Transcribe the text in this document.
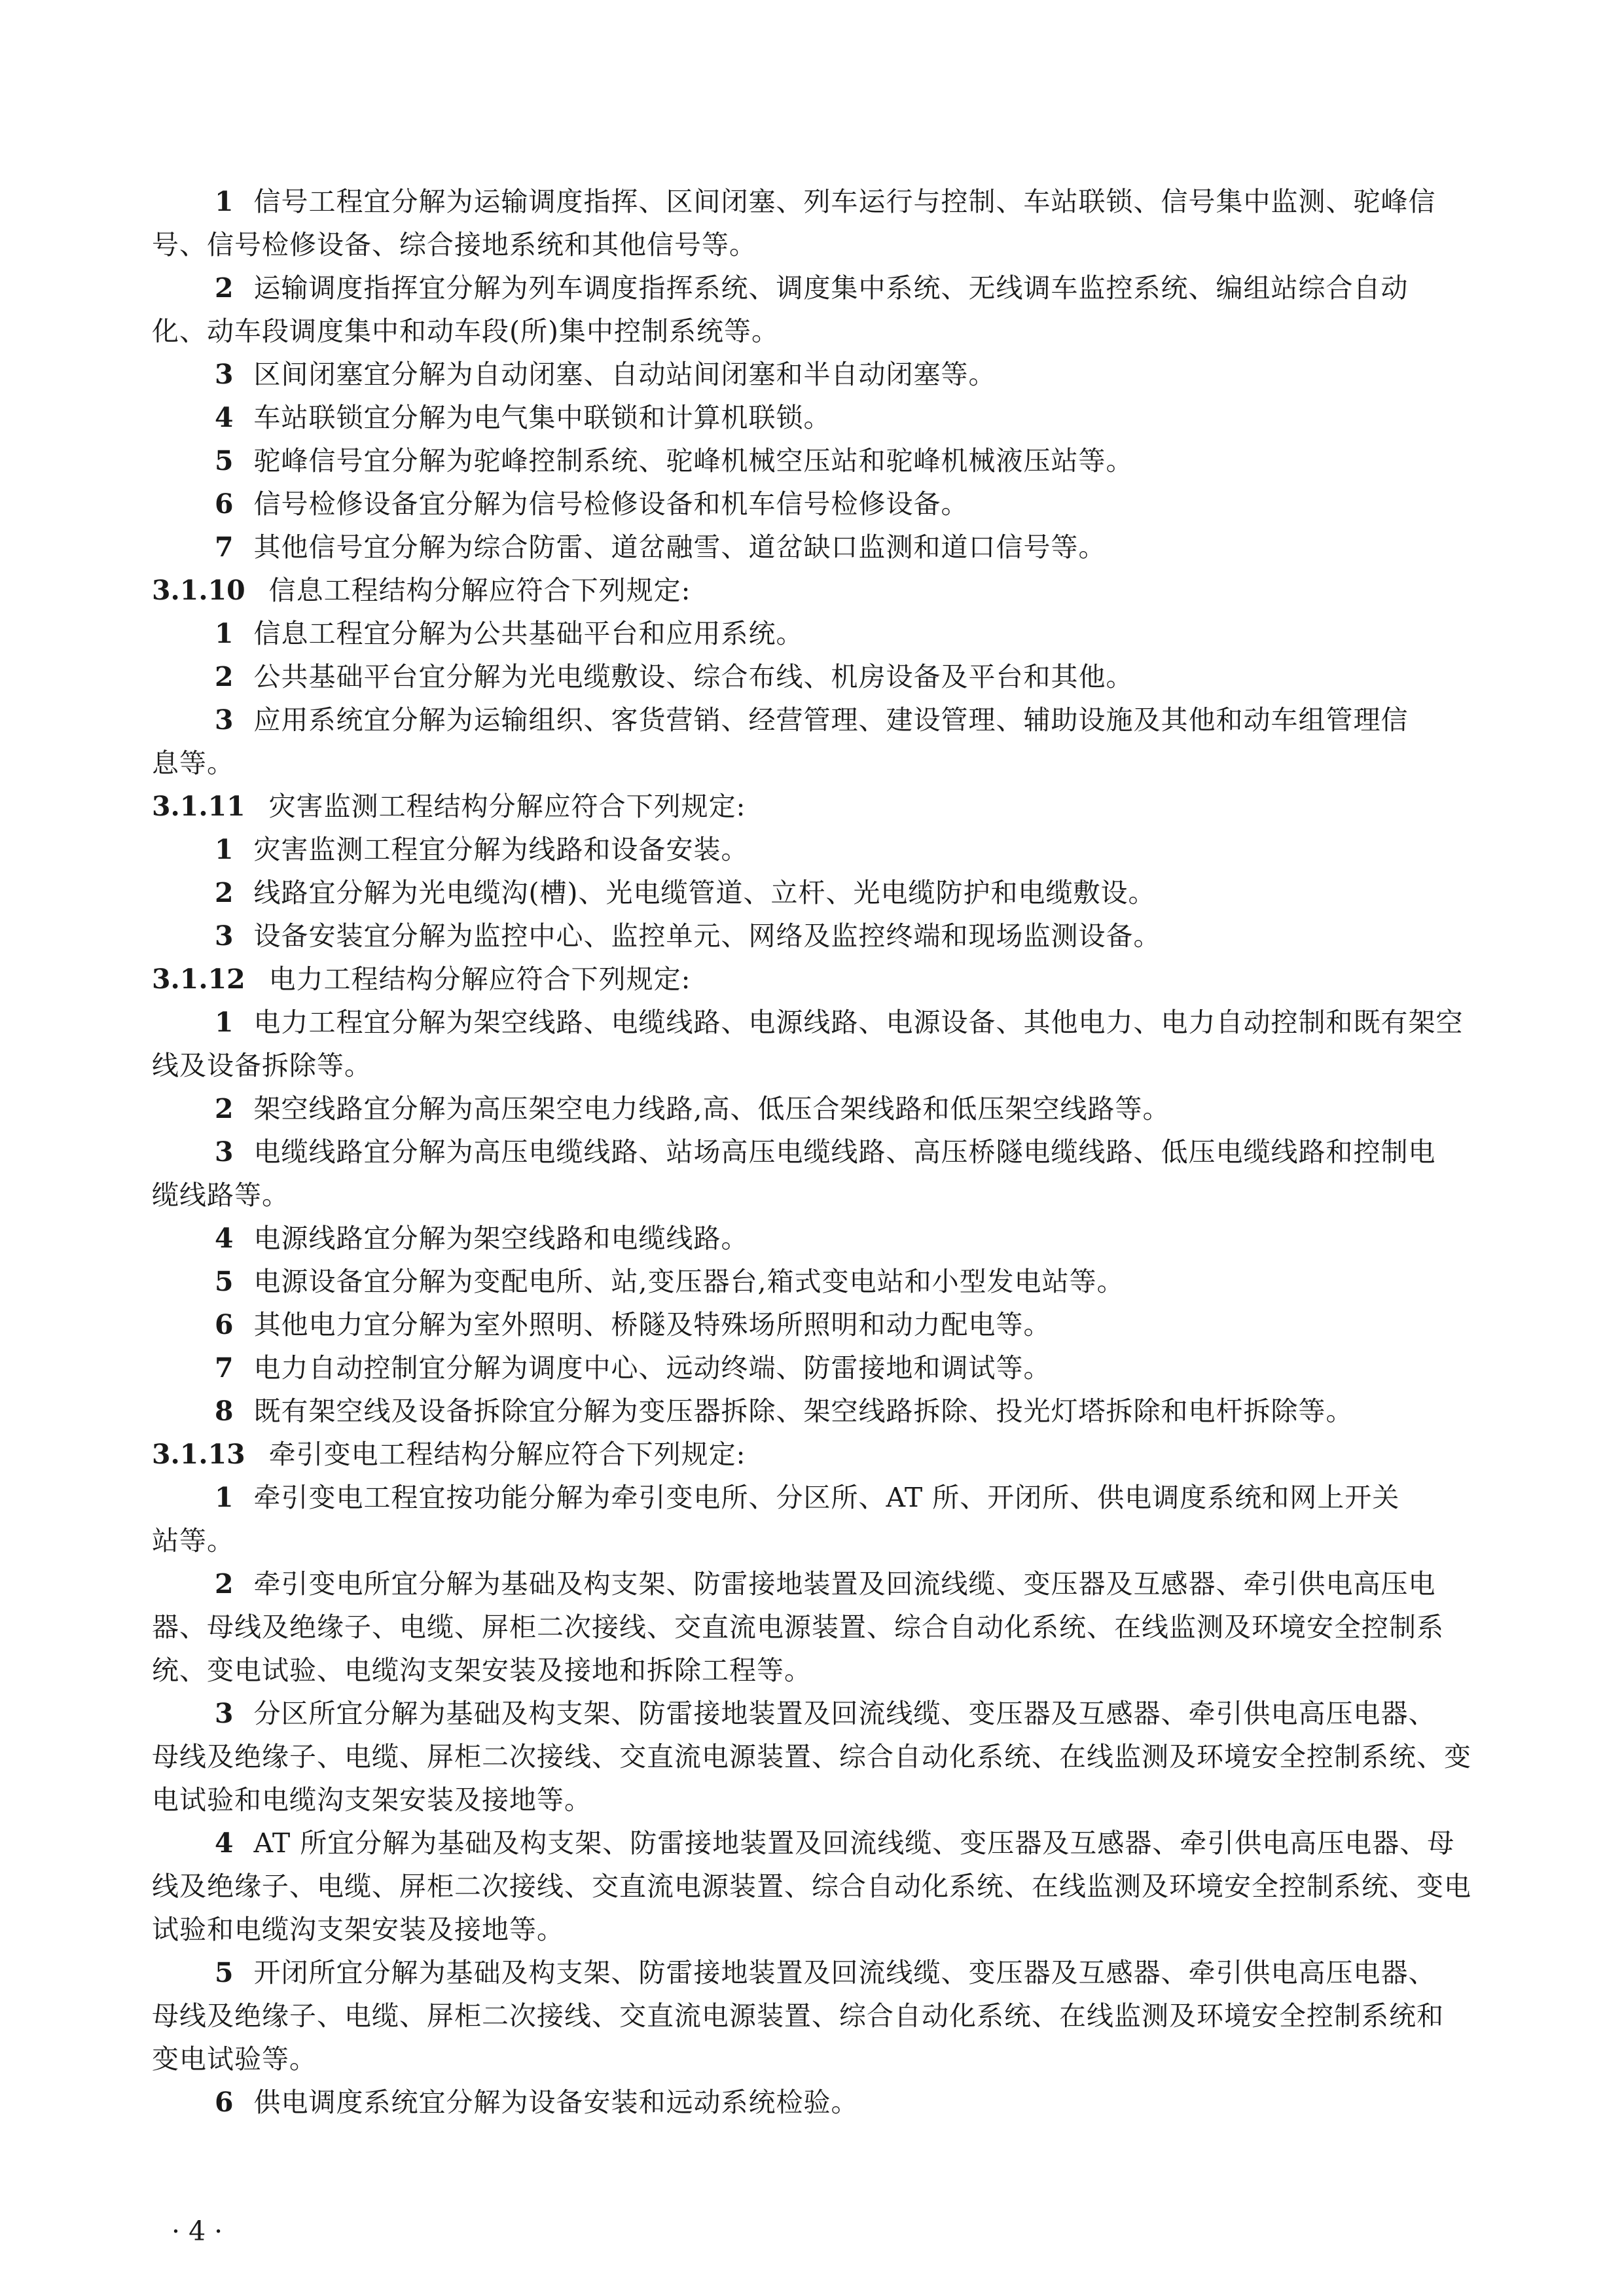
1 信号工程宜分解为运输调度指挥、区间闭塞、列车运行与控制、车站联锁、信号集中监测、驼峰信
号、信号检修设备、综合接地系统和其他信号等。
2 运输调度指挥宜分解为列车调度指挥系统、调度集中系统、无线调车监控系统、编组站综合自动
化、动车段调度集中和动车段(所)集中控制系统等。
3 区间闭塞宜分解为自动闭塞、自动站间闭塞和半自动闭塞等。
4 车站联锁宜分解为电气集中联锁和计算机联锁。
5 驼峰信号宜分解为驼峰控制系统、驼峰机械空压站和驼峰机械液压站等。
6 信号检修设备宜分解为信号检修设备和机车信号检修设备。
7 其他信号宜分解为综合防雷、道岔融雪、道岔缺口监测和道口信号等。
3.1.10 信息工程结构分解应符合下列规定:
1 信息工程宜分解为公共基础平台和应用系统。
2 公共基础平台宜分解为光电缆敷设、综合布线、机房设备及平台和其他。
3 应用系统宜分解为运输组织、客货营销、经营管理、建设管理、辅助设施及其他和动车组管理信
息等。
3.1.11 灾害监测工程结构分解应符合下列规定:
1 灾害监测工程宜分解为线路和设备安装。
2 线路宜分解为光电缆沟(槽)、光电缆管道、立杆、光电缆防护和电缆敷设。
3 设备安装宜分解为监控中心、监控单元、网络及监控终端和现场监测设备。
3.1.12 电力工程结构分解应符合下列规定:
1 电力工程宜分解为架空线路、电缆线路、电源线路、电源设备、其他电力、电力自动控制和既有架空
线及设备拆除等。
2 架空线路宜分解为高压架空电力线路,高、低压合架线路和低压架空线路等。
3 电缆线路宜分解为高压电缆线路、站场高压电缆线路、高压桥隧电缆线路、低压电缆线路和控制电
缆线路等。
4 电源线路宜分解为架空线路和电缆线路。
5 电源设备宜分解为变配电所、站,变压器台,箱式变电站和小型发电站等。
6 其他电力宜分解为室外照明、桥隧及特殊场所照明和动力配电等。
7 电力自动控制宜分解为调度中心、远动终端、防雷接地和调试等。
8 既有架空线及设备拆除宜分解为变压器拆除、架空线路拆除、投光灯塔拆除和电杆拆除等。
3.1.13 牵引变电工程结构分解应符合下列规定:
1 牵引变电工程宜按功能分解为牵引变电所、分区所、AT 所、开闭所、供电调度系统和网上开关
站等。
2 牵引变电所宜分解为基础及构支架、防雷接地装置及回流线缆、变压器及互感器、牵引供电高压电
器、母线及绝缘子、电缆、屏柜二次接线、交直流电源装置、综合自动化系统、在线监测及环境安全控制系
统、变电试验、电缆沟支架安装及接地和拆除工程等。
3 分区所宜分解为基础及构支架、防雷接地装置及回流线缆、变压器及互感器、牵引供电高压电器、
母线及绝缘子、电缆、屏柜二次接线、交直流电源装置、综合自动化系统、在线监测及环境安全控制系统、变
电试验和电缆沟支架安装及接地等。
4 AT 所宜分解为基础及构支架、防雷接地装置及回流线缆、变压器及互感器、牵引供电高压电器、母
线及绝缘子、电缆、屏柜二次接线、交直流电源装置、综合自动化系统、在线监测及环境安全控制系统、变电
试验和电缆沟支架安装及接地等。
5 开闭所宜分解为基础及构支架、防雷接地装置及回流线缆、变压器及互感器、牵引供电高压电器、
母线及绝缘子、电缆、屏柜二次接线、交直流电源装置、综合自动化系统、在线监测及环境安全控制系统和
变电试验等。
6 供电调度系统宜分解为设备安装和远动系统检验。
· 4 ·
